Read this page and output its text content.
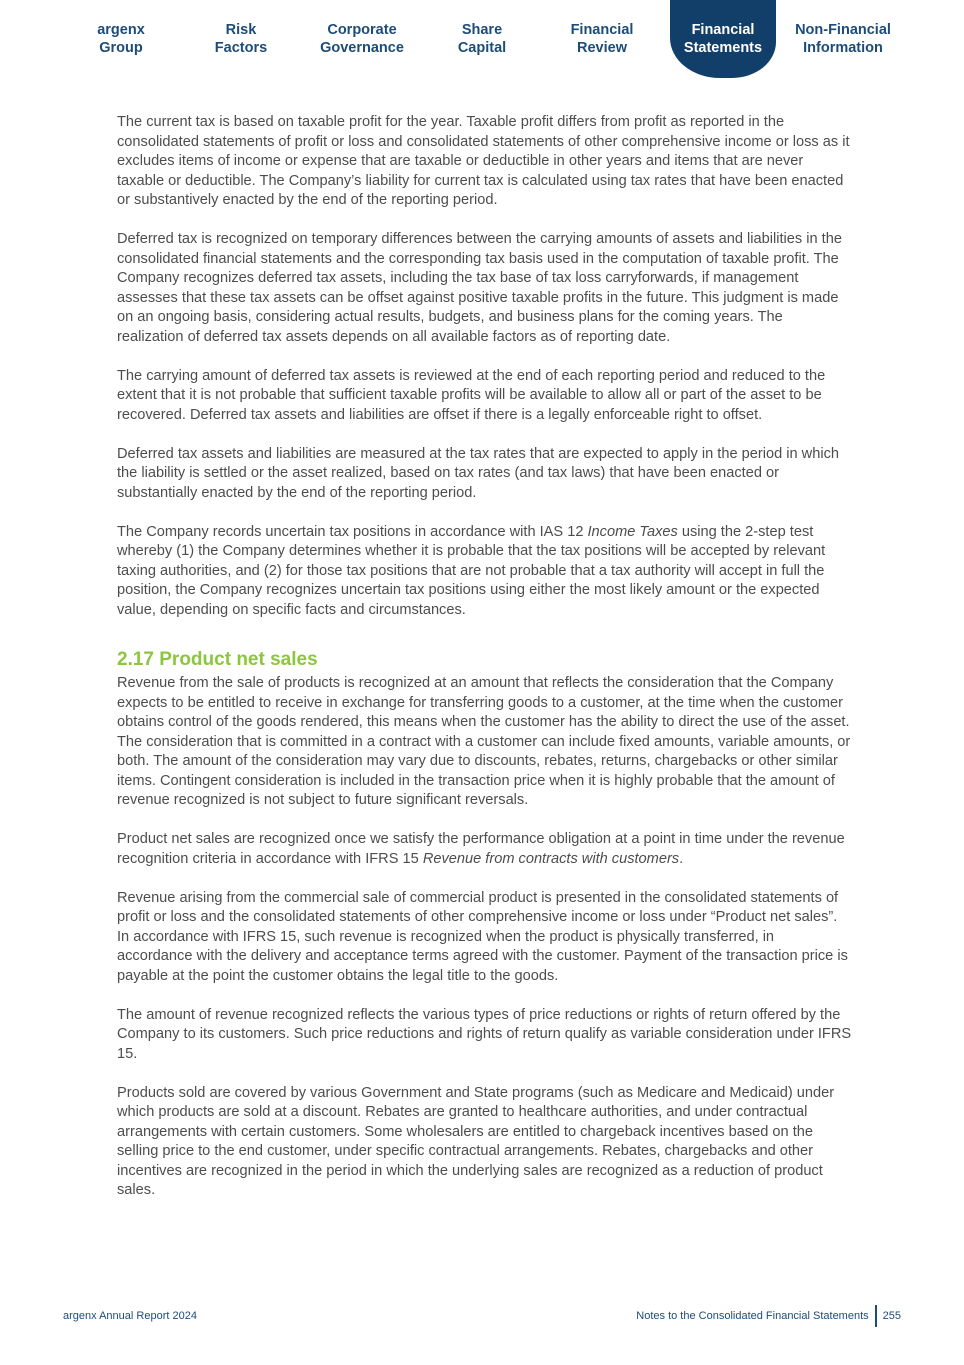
argenx
Group
Risk
Factors
Corporate
Governance
Share
Capital
Financial
Review
Financial
Statements
Non-Financial
Information

The current tax is based on taxable profit for the year. Taxable profit differs from profit as reported in the consolidated statements of profit or loss and consolidated statements of other comprehensive income or loss as it excludes items of income or expense that are taxable or deductible in other years and items that are never taxable or deductible. The Company’s liability for current tax is calculated using tax rates that have been enacted or substantively enacted by the end of the reporting period.

Deferred tax is recognized on temporary differences between the carrying amounts of assets and liabilities in the consolidated financial statements and the corresponding tax basis used in the computation of taxable profit. The Company recognizes deferred tax assets, including the tax base of tax loss carryforwards, if management assesses that these tax assets can be offset against positive taxable profits in the future. This judgment is made on an ongoing basis, considering actual results, budgets, and business plans for the coming years. The realization of deferred tax assets depends on all available factors as of reporting date.

The carrying amount of deferred tax assets is reviewed at the end of each reporting period and reduced to the extent that it is not probable that sufficient taxable profits will be available to allow all or part of the asset to be recovered. Deferred tax assets and liabilities are offset if there is a legally enforceable right to offset.

Deferred tax assets and liabilities are measured at the tax rates that are expected to apply in the period in which the liability is settled or the asset realized, based on tax rates (and tax laws) that have been enacted or substantially enacted by the end of the reporting period.

The Company records uncertain tax positions in accordance with IAS 12 Income Taxes using the 2-step test whereby (1) the Company determines whether it is probable that the tax positions will be accepted by relevant taxing authorities, and (2) for those tax positions that are not probable that a tax authority will accept in full the position, the Company recognizes uncertain tax positions using either the most likely amount or the expected value, depending on specific facts and circumstances.

2.17 Product net sales

Revenue from the sale of products is recognized at an amount that reflects the consideration that the Company expects to be entitled to receive in exchange for transferring goods to a customer, at the time when the customer obtains control of the goods rendered, this means when the customer has the ability to direct the use of the asset. The consideration that is committed in a contract with a customer can include fixed amounts, variable amounts, or both. The amount of the consideration may vary due to discounts, rebates, returns, chargebacks or other similar items. Contingent consideration is included in the transaction price when it is highly probable that the amount of revenue recognized is not subject to future significant reversals.

Product net sales are recognized once we satisfy the performance obligation at a point in time under the revenue recognition criteria in accordance with IFRS 15 Revenue from contracts with customers.

Revenue arising from the commercial sale of commercial product is presented in the consolidated statements of profit or loss and the consolidated statements of other comprehensive income or loss under “Product net sales”. In accordance with IFRS 15, such revenue is recognized when the product is physically transferred, in accordance with the delivery and acceptance terms agreed with the customer. Payment of the transaction price is payable at the point the customer obtains the legal title to the goods.

The amount of revenue recognized reflects the various types of price reductions or rights of return offered by the Company to its customers. Such price reductions and rights of return qualify as variable consideration under IFRS 15.

Products sold are covered by various Government and State programs (such as Medicare and Medicaid) under which products are sold at a discount. Rebates are granted to healthcare authorities, and under contractual arrangements with certain customers. Some wholesalers are entitled to chargeback incentives based on the selling price to the end customer, under specific contractual arrangements. Rebates, chargebacks and other incentives are recognized in the period in which the underlying sales are recognized as a reduction of product sales.

argenx Annual Report 2024	Notes to the Consolidated Financial Statements 255
